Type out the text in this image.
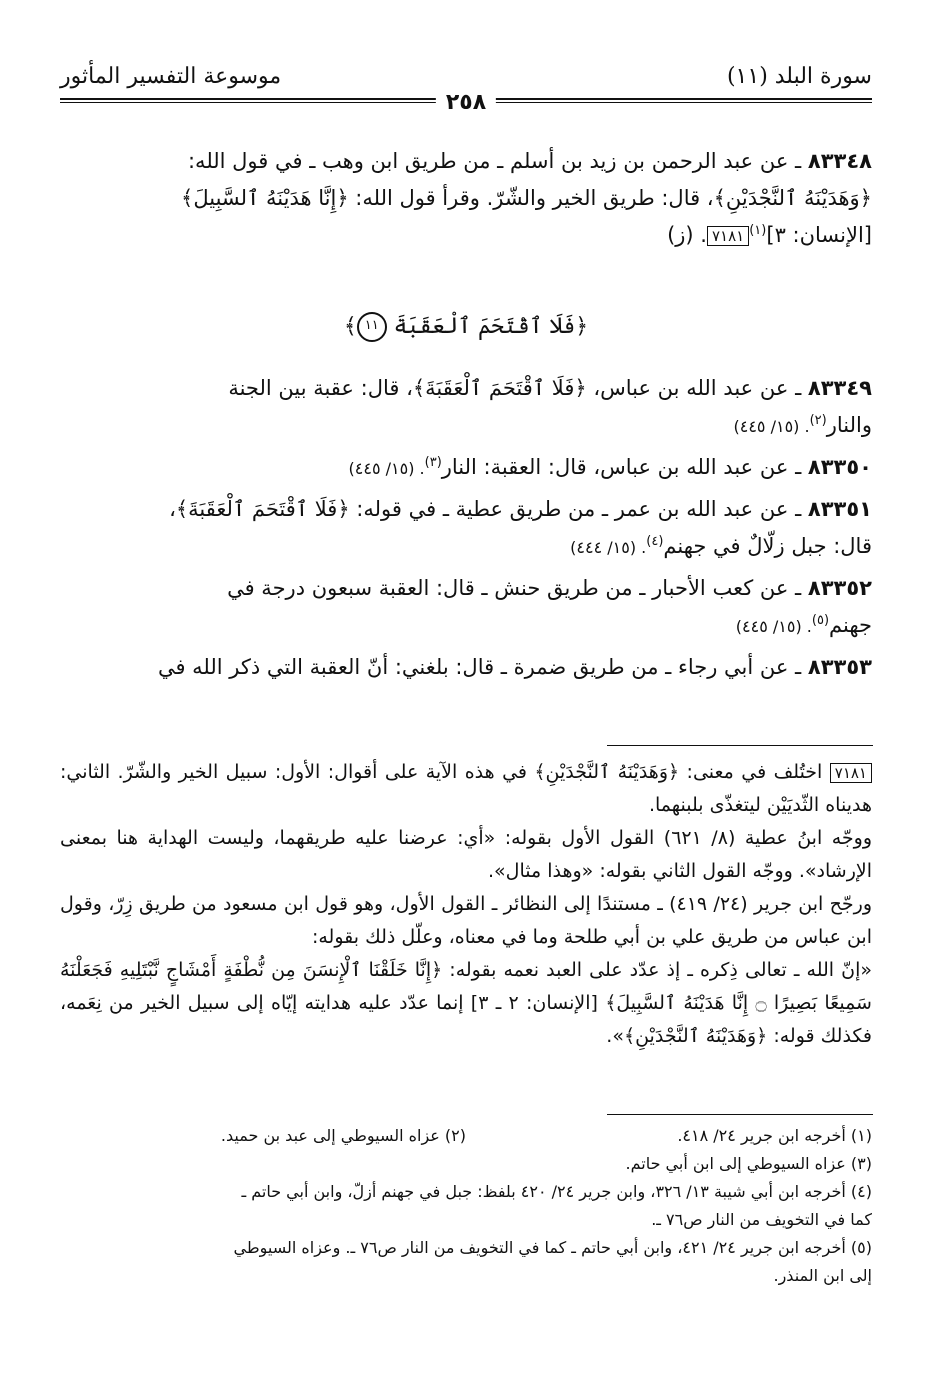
سورة البلد (١١)
موسوعة التفسير المأثور
٢٥٨
٨٣٣٤٨ ـ عن عبد الرحمن بن زيد بن أسلم ـ من طريق ابن وهب ـ في قول الله:
﴿وَهَدَيْنَهُ ٱلنَّجْدَيْنِ﴾، قال: طريق الخير والشّرّ. وقرأ قول الله: ﴿إِنَّا هَدَيْنَهُ ٱلسَّبِيلَ﴾
[الإنسان: ٣]$^{(١)}$٧١٨١. (ز)
﴿فَلَا ٱقْتَحَمَ ٱلْعَقَبَةَ ١١﴾
٨٣٣٤٩ ـ عن عبد الله بن عباس، ﴿فَلَا ٱقْتَحَمَ ٱلْعَقَبَةَ﴾، قال: عقبة بين الجنة
والنار$^{(٢)}$. (١٥/ ٤٤٥)
٨٣٣٥٠ ـ عن عبد الله بن عباس، قال: العقبة: النار$^{(٣)}$. (١٥/ ٤٤٥)
٨٣٣٥١ ـ عن عبد الله بن عمر ـ من طريق عطية ـ في قوله: ﴿فَلَا ٱقْتَحَمَ ٱلْعَقَبَةَ﴾،
قال: جبل زلّالٌ في جهنم$^{(٤)}$. (١٥/ ٤٤٤)
٨٣٣٥٢ ـ عن كعب الأحبار ـ من طريق حنش ـ قال: العقبة سبعون درجة في
جهنم$^{(٥)}$. (١٥/ ٤٤٥)
٨٣٣٥٣ ـ عن أبي رجاء ـ من طريق ضمرة ـ قال: بلغني: أنّ العقبة التي ذكر الله في

٧١٨١ اختُلف في معنى: ﴿وَهَدَيْنَهُ ٱلنَّجْدَيْنِ﴾ في هذه الآية على أقوال: الأول: سبيل الخير والشّرّ. الثاني: هديناه الثّديَيْن ليتغذّى بلبنهما.

ووجّه ابنُ عطية (٨/ ٦٢١) القول الأول بقوله: «أي: عرضنا عليه طريقهما، وليست الهداية هنا بمعنى الإرشاد». ووجّه القول الثاني بقوله: «وهذا مثال».

ورجّح ابن جرير (٢٤/ ٤١٩) ـ مستندًا إلى النظائر ـ القول الأول، وهو قول ابن مسعود من طريق زِرّ، وقول ابن عباس من طريق علي بن أبي طلحة وما في معناه، وعلّل ذلك بقوله:

«إنّ الله ـ تعالى ذِكره ـ إذ عدّد على العبد نعمه بقوله: ﴿إِنَّا خَلَقْنَا ٱلْإِنسَنَ مِن نُّطْفَةٍ أَمْشَاجٍ نَّبْتَلِيهِ فَجَعَلْنَهُ سَمِيعًا بَصِيرًا ۝ إِنَّا هَدَيْنَهُ ٱلسَّبِيلَ﴾ [الإنسان: ٢ ـ ٣] إنما عدّد عليه هدايته إيّاه إلى سبيل الخير من نِعَمه، فكذلك قوله: ﴿وَهَدَيْنَهُ ٱلنَّجْدَيْنِ﴾».

(١) أخرجه ابن جرير ٢٤/ ٤١٨.
(٢) عزاه السيوطي إلى عبد بن حميد.

(٣) عزاه السيوطي إلى ابن أبي حاتم.

(٤) أخرجه ابن أبي شيبة ١٣/ ٣٢٦، وابن جرير ٢٤/ ٤٢٠ بلفظ: جبل في جهنم أزلّ، وابن أبي حاتم ـ

كما في التخويف من النار ص٧٦ ـ.

(٥) أخرجه ابن جرير ٢٤/ ٤٢١، وابن أبي حاتم ـ كما في التخويف من النار ص٧٦ ـ. وعزاه السيوطي

إلى ابن المنذر.
